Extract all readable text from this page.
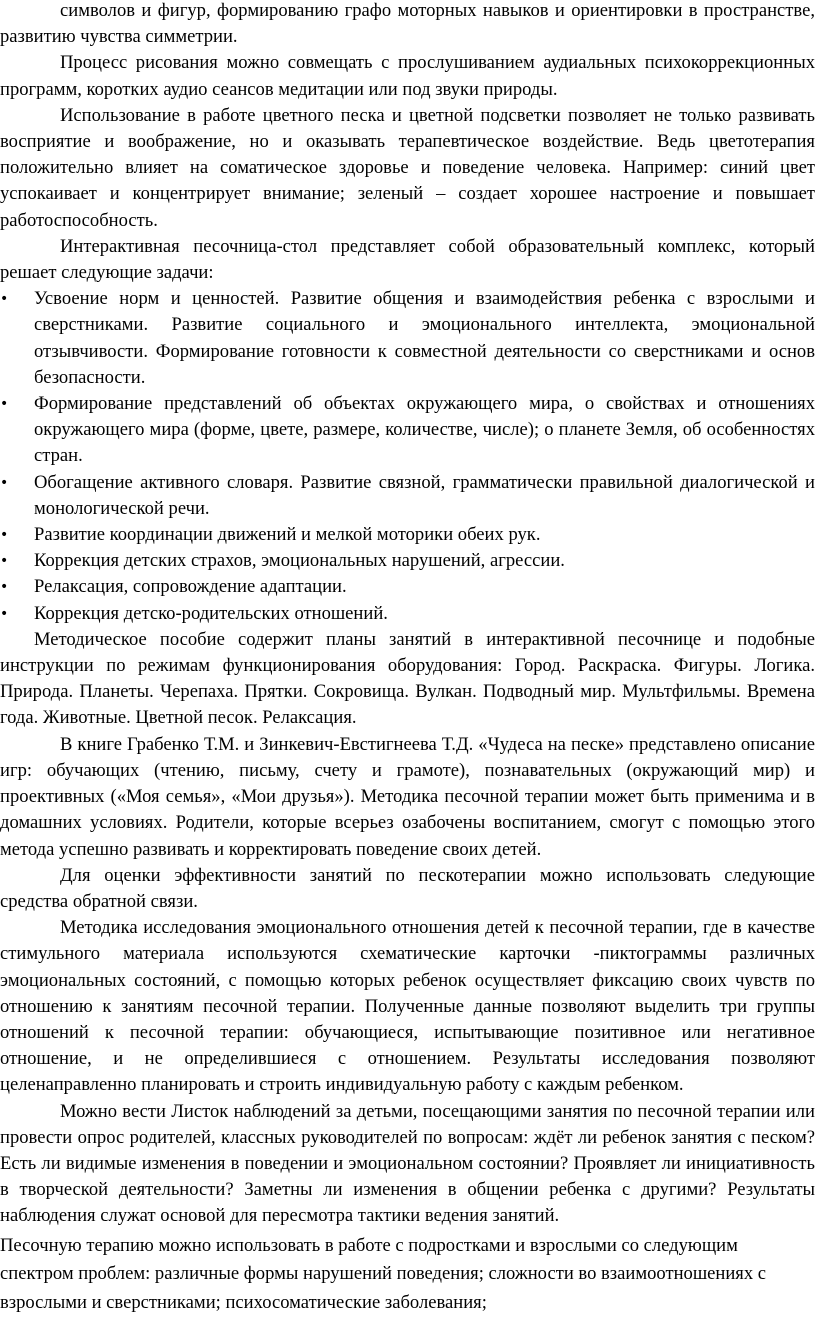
символов и фигур, формированию графо моторных навыков и ориентировки в пространстве, развитию чувства симметрии.

Процесс рисования можно совмещать с прослушиванием аудиальных психокоррекционных программ, коротких аудио сеансов медитации или под звуки природы.

Использование в работе цветного песка и цветной подсветки позволяет не только развивать восприятие и воображение, но и оказывать терапевтическое воздействие. Ведь цветотерапия положительно влияет на соматическое здоровье и поведение человека. Например: синий цвет успокаивает и концентрирует внимание; зеленый – создает хорошее настроение и повышает работоспособность.

Интерактивная песочница-стол представляет собой образовательный комплекс, который решает следующие задачи:

•	Усвоение норм и ценностей. Развитие общения и взаимодействия ребенка с взрослыми и сверстниками. Развитие социального и эмоционального интеллекта, эмоциональной отзывчивости. Формирование готовности к совместной деятельности со сверстниками и основ безопасности.
•	Формирование представлений об объектах окружающего мира, о свойствах и отношениях окружающего мира (форме, цвете, размере, количестве, числе); о планете Земля, об особенностях стран.
•	Обогащение активного словаря. Развитие связной, грамматически правильной диалогической и монологической речи.
•	Развитие координации движений и мелкой моторики обеих рук.
•	Коррекция детских страхов, эмоциональных нарушений, агрессии.
•	Релаксация, сопровождение адаптации.
•	Коррекция детско-родительских отношений.

Методическое пособие содержит планы занятий в интерактивной песочнице и подобные инструкции по режимам функционирования оборудования: Город. Раскраска. Фигуры. Логика. Природа. Планеты. Черепаха. Прятки. Сокровища. Вулкан. Подводный мир. Мультфильмы. Времена года. Животные. Цветной песок. Релаксация.

В книге Грабенко Т.М. и Зинкевич-Евстигнеева Т.Д. «Чудеса на песке» представлено описание игр: обучающих (чтению, письму, счету и грамоте), познавательных (окружающий мир) и проективных («Моя семья», «Мои друзья»). Методика песочной терапии может быть применима и в домашних условиях. Родители, которые всерьез озабочены воспитанием, смогут с помощью этого метода успешно развивать и корректировать поведение своих детей.

Для оценки эффективности занятий по пескотерапии можно использовать следующие средства обратной связи.

Методика исследования эмоционального отношения детей к песочной терапии, где в качестве стимульного материала используются схематические карточки -пиктограммы различных эмоциональных состояний, с помощью которых ребенок осуществляет фиксацию своих чувств по отношению к занятиям песочной терапии. Полученные данные позволяют выделить три группы отношений к песочной терапии: обучающиеся, испытывающие позитивное или негативное отношение, и не определившиеся с отношением. Результаты исследования позволяют целенаправленно планировать и строить индивидуальную работу с каждым ребенком.

Можно вести Листок наблюдений за детьми, посещающими занятия по песочной терапии или провести опрос родителей, классных руководителей по вопросам: ждёт ли ребенок занятия с песком? Есть ли видимые изменения в поведении и эмоциональном состоянии? Проявляет ли инициативность в творческой деятельности? Заметны ли изменения в общении ребенка с другими? Результаты наблюдения служат основой для пересмотра тактики ведения занятий.

Песочную терапию можно использовать в работе с подростками и взрослыми со следующим спектром проблем: различные формы нарушений поведения; сложности во взаимоотношениях с взрослыми и сверстниками; психосоматические заболевания;
